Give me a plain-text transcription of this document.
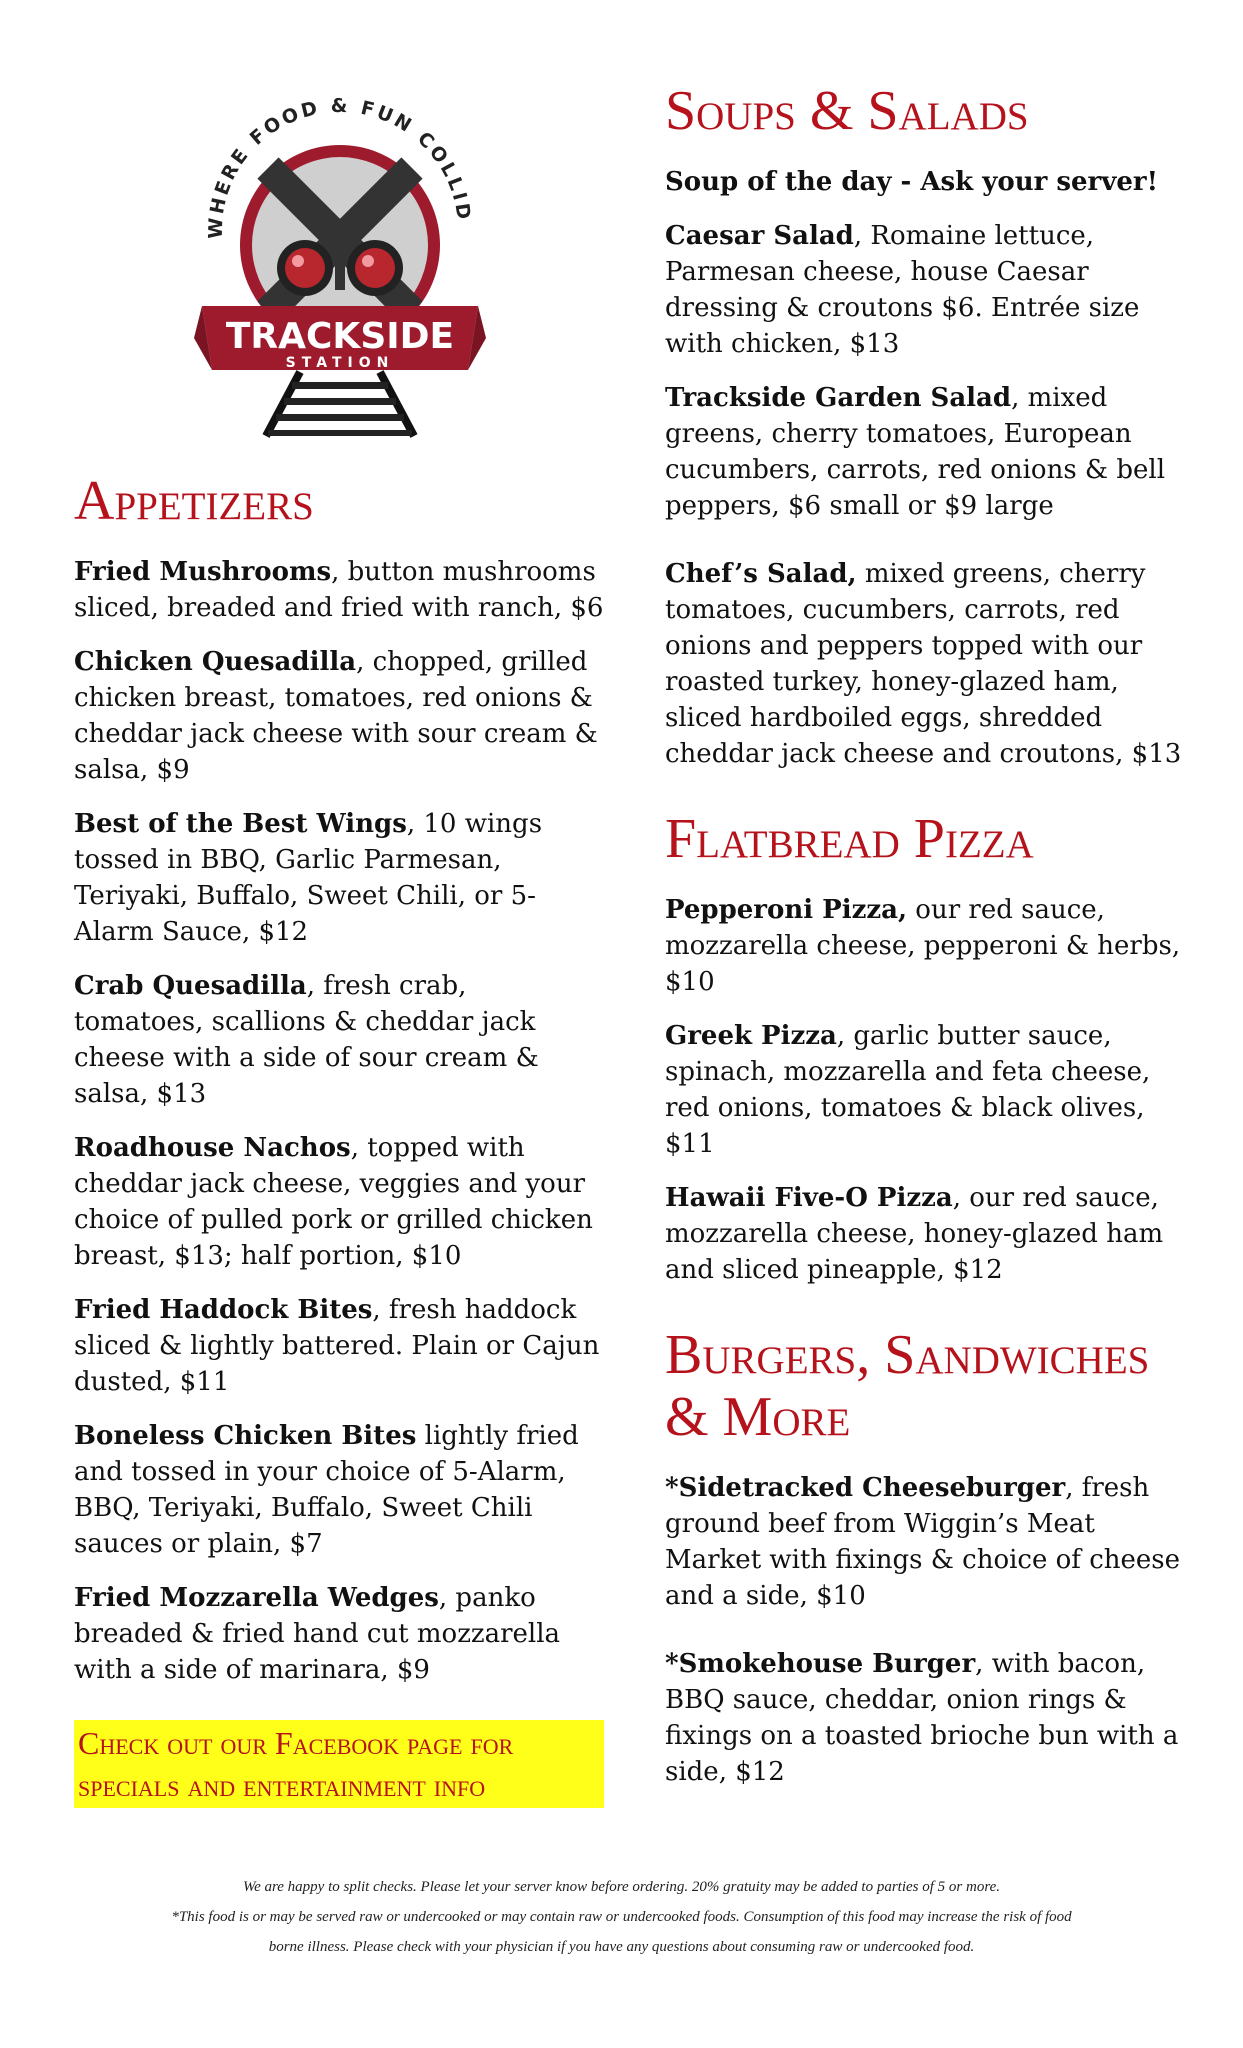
WHERE FOOD & FUN COLLID
TRACKSIDE
STATION
Appetizers

Fried Mushrooms, button mushrooms sliced, breaded and fried with ranch, $6

Chicken Quesadilla, chopped, grilled chicken breast, tomatoes, red onions & cheddar jack cheese with sour cream & salsa, $9

Best of the Best Wings, 10 wings tossed in BBQ, Garlic Parmesan, Teriyaki, Buffalo, Sweet Chili, or 5-Alarm Sauce, $12

Crab Quesadilla, fresh crab, tomatoes, scallions & cheddar jack cheese with a side of sour cream & salsa, $13

Roadhouse Nachos, topped with cheddar jack cheese, veggies and your choice of pulled pork or grilled chicken breast, $13; half portion, $10

Fried Haddock Bites, fresh haddock sliced & lightly battered. Plain or Cajun dusted, $11

Boneless Chicken Bites lightly fried and tossed in your choice of 5-Alarm, BBQ, Teriyaki, Buffalo, Sweet Chili sauces or plain, $7

Fried Mozzarella Wedges, panko breaded & fried hand cut mozzarella with a side of marinara, $9

Check out our Facebook page for specials and entertainment info
Soups & Salads

Soup of the day - Ask your server!

Caesar Salad, Romaine lettuce, Parmesan cheese, house Caesar dressing & croutons $6. Entrée size with chicken, $13

Trackside Garden Salad, mixed greens, cherry tomatoes, European cucumbers, carrots, red onions & bell peppers, $6 small or $9 large

Chef’s Salad, mixed greens, cherry tomatoes, cucumbers, carrots, red onions and peppers topped with our roasted turkey, honey-glazed ham, sliced hardboiled eggs, shredded cheddar jack cheese and croutons, $13

Flatbread Pizza

Pepperoni Pizza, our red sauce, mozzarella cheese, pepperoni & herbs, $10

Greek Pizza, garlic butter sauce, spinach, mozzarella and feta cheese, red onions, tomatoes & black olives, $11

Hawaii Five-O Pizza, our red sauce, mozzarella cheese, honey-glazed ham and sliced pineapple, $12

Burgers, Sandwiches & More

*Sidetracked Cheeseburger, fresh ground beef from Wiggin’s Meat Market with fixings & choice of cheese and a side, $10

*Smokehouse Burger, with bacon, BBQ sauce, cheddar, onion rings & fixings on a toasted brioche bun with a side, $12

We are happy to split checks. Please let your server know before ordering. 20% gratuity may be added to parties of 5 or more.

*This food is or may be served raw or undercooked or may contain raw or undercooked foods. Consumption of this food may increase the risk of food

borne illness. Please check with your physician if you have any questions about consuming raw or undercooked food.
